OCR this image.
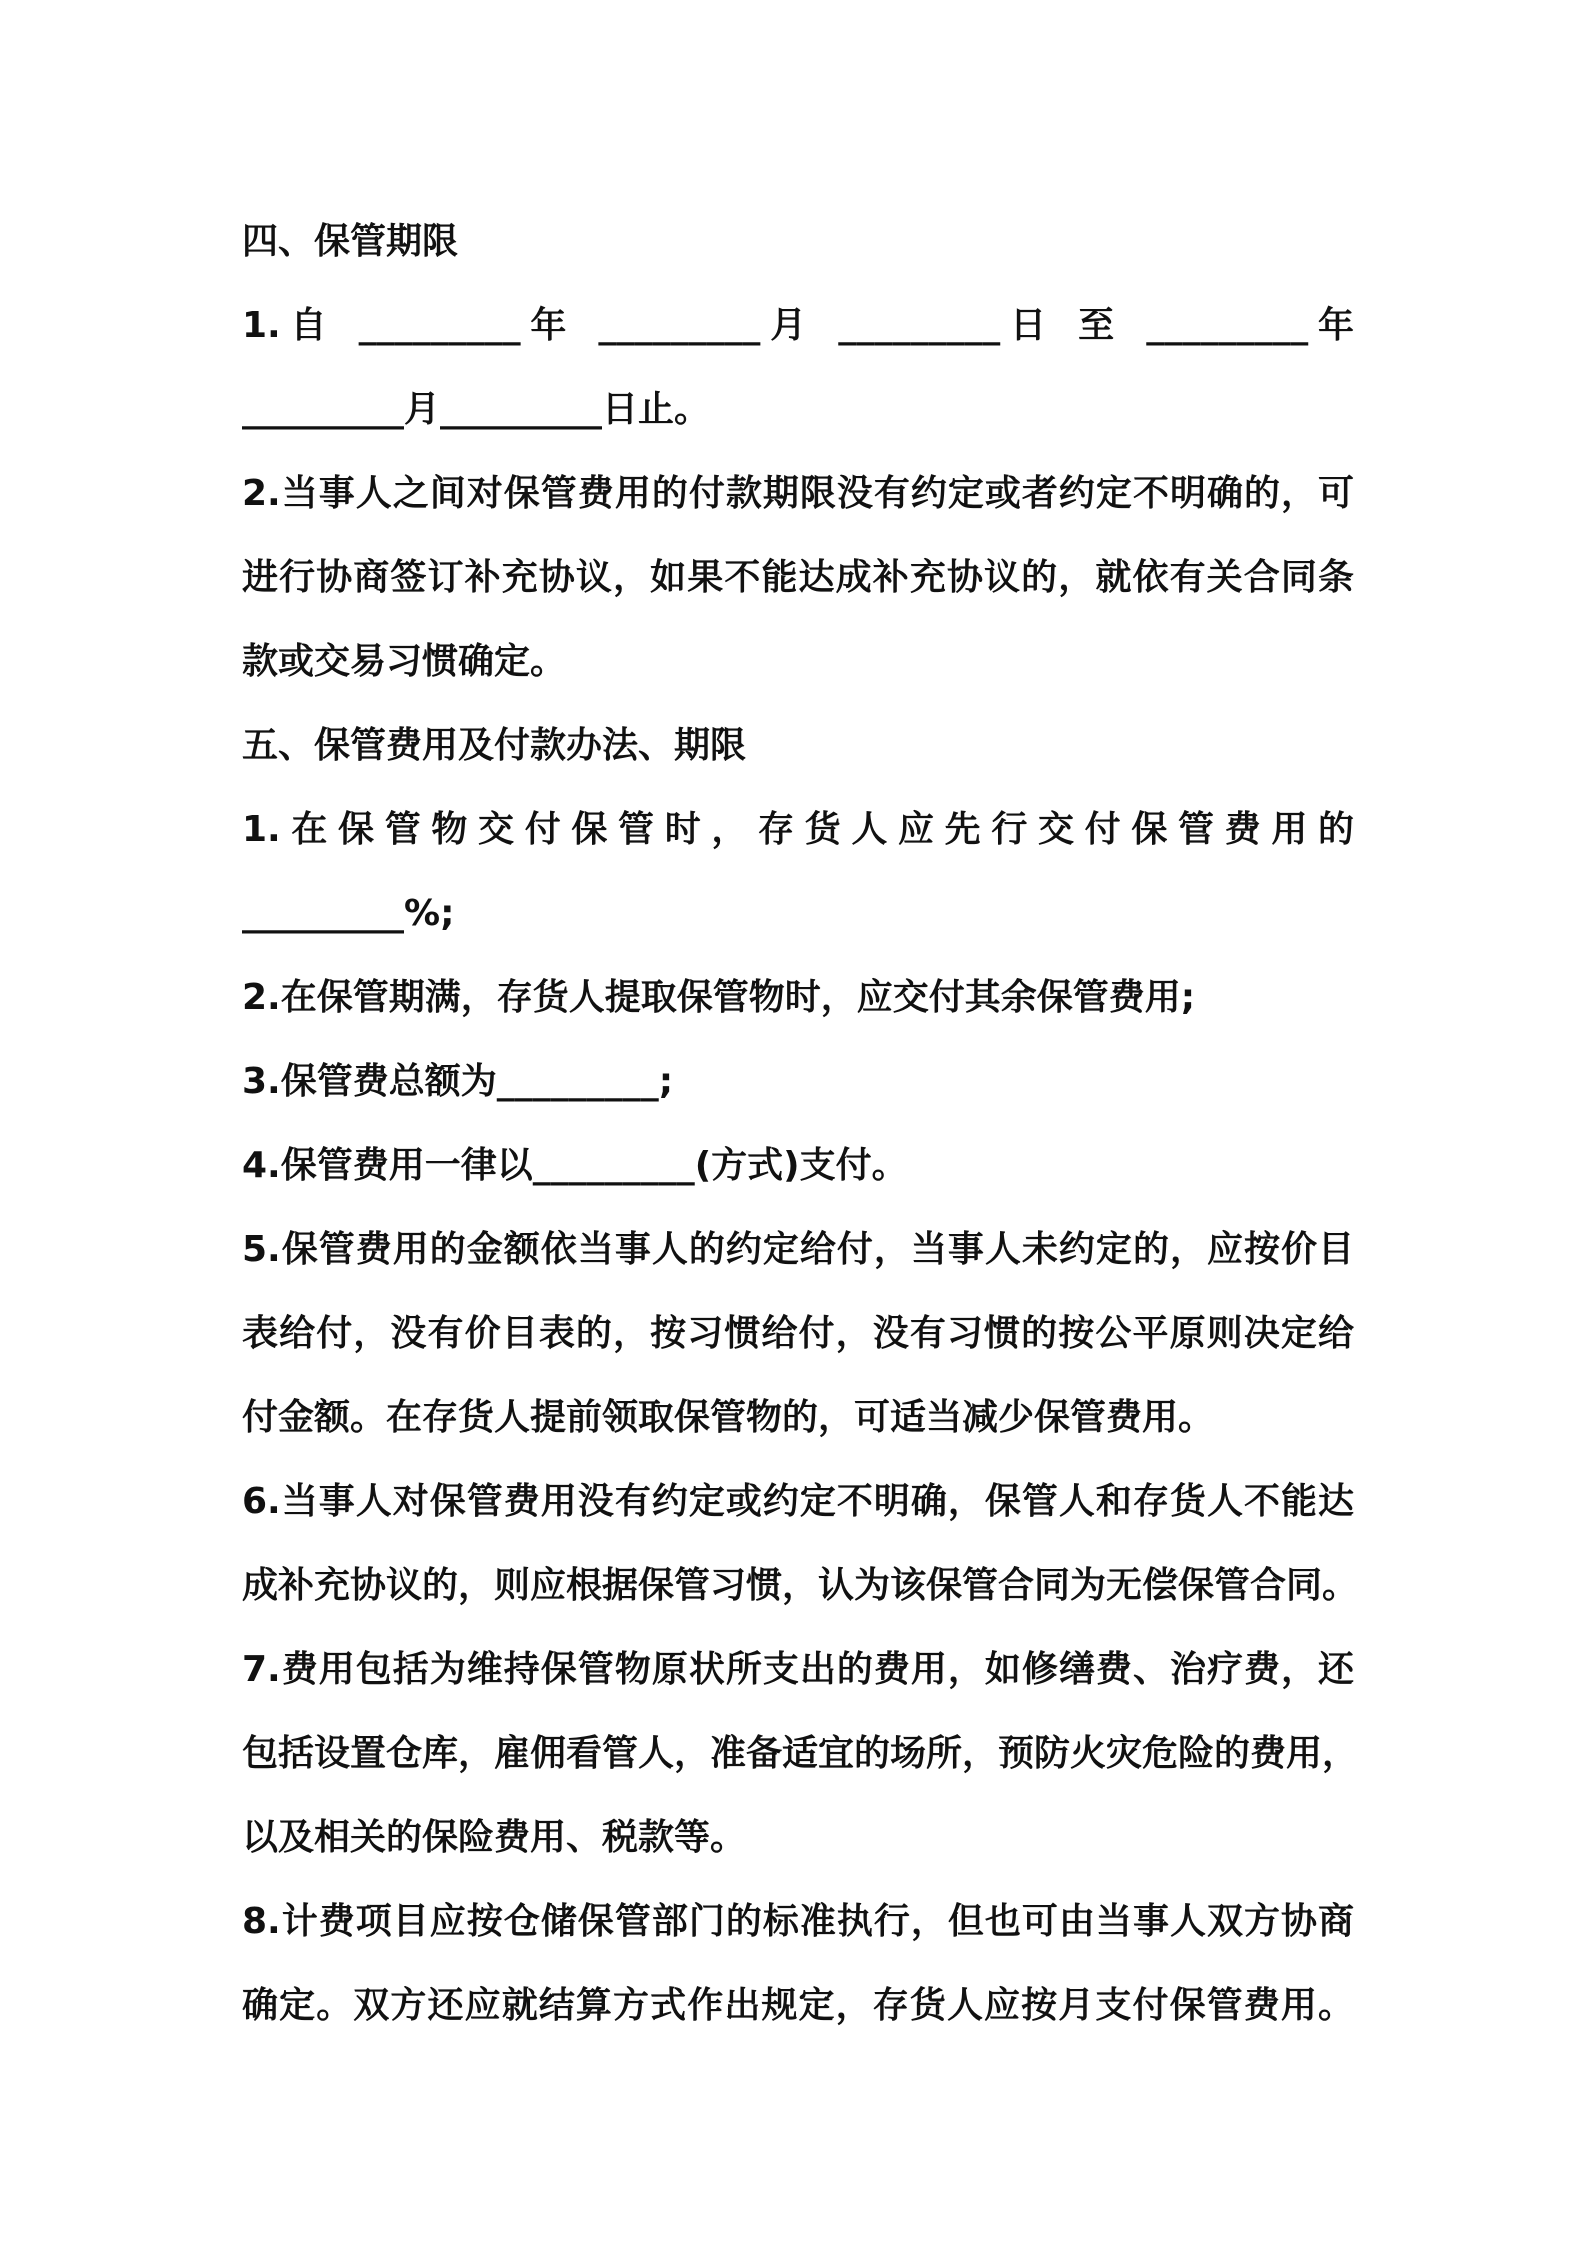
四、保管期限
1.自 _________年 _________月 _________日 至 _________年
_________月_________日止。
2.当事人之间对保管费用的付款期限没有约定或者约定不明确的，可
进行协商签订补充协议，如果不能达成补充协议的，就依有关合同条
款或交易习惯确定。
五、保管费用及付款办法、期限
1.在保管物交付保管时，存货人应先行交付保管费用的
_________%;
2.在保管期满，存货人提取保管物时，应交付其余保管费用;
3.保管费总额为_________;
4.保管费用一律以_________(方式)支付。
5.保管费用的金额依当事人的约定给付，当事人未约定的，应按价目
表给付，没有价目表的，按习惯给付，没有习惯的按公平原则决定给
付金额。在存货人提前领取保管物的，可适当减少保管费用。
6.当事人对保管费用没有约定或约定不明确，保管人和存货人不能达
成补充协议的，则应根据保管习惯，认为该保管合同为无偿保管合同。
7.费用包括为维持保管物原状所支出的费用，如修缮费、治疗费，还
包括设置仓库，雇佣看管人，准备适宜的场所，预防火灾危险的费用，
以及相关的保险费用、税款等。
8.计费项目应按仓储保管部门的标准执行，但也可由当事人双方协商
确定。双方还应就结算方式作出规定，存货人应按月支付保管费用。
